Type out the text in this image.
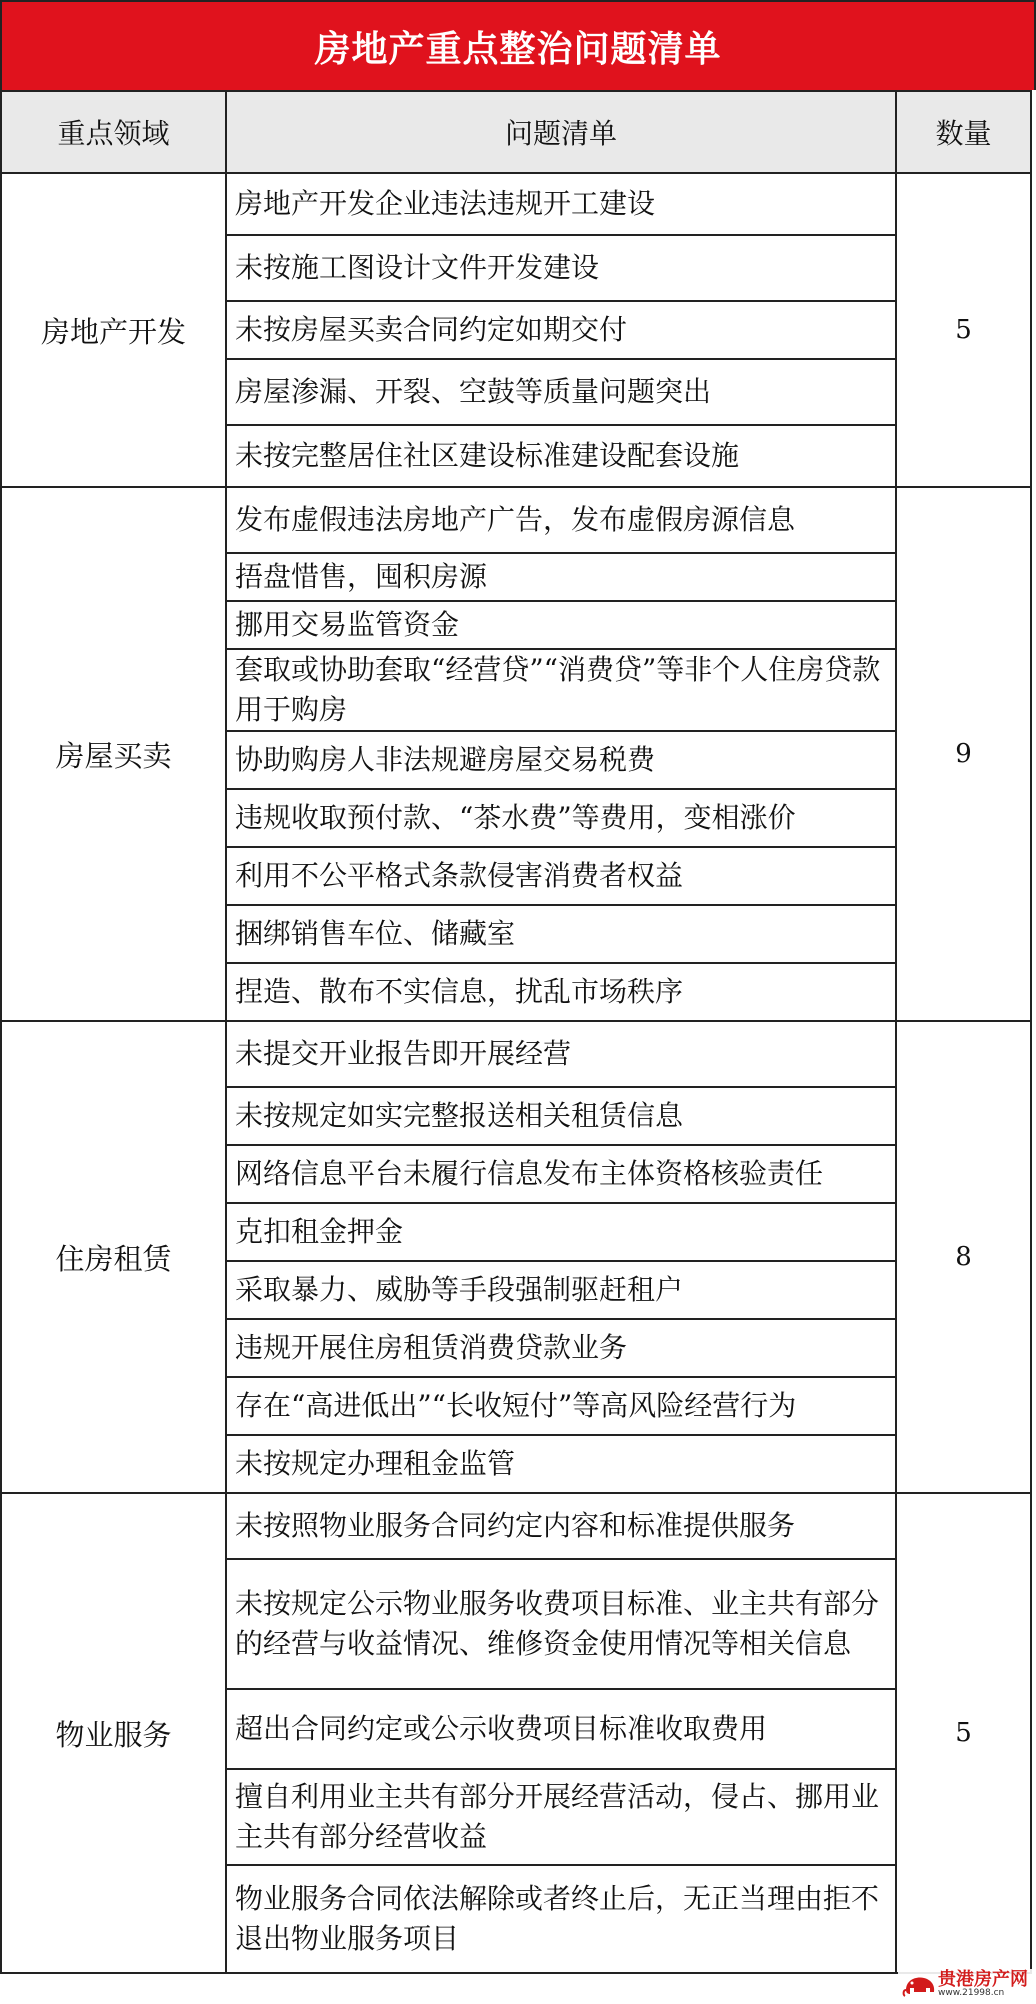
房地产重点整治问题清单
重点领域	问题清单	数量
房地产开发	房地产开发企业违法违规开工建设	5
	未按施工图设计文件开发建设	
	未按房屋买卖合同约定如期交付	
	房屋渗漏、开裂、空鼓等质量问题突出	
	未按完整居住社区建设标准建设配套设施	
房屋买卖	发布虚假违法房地产广告，发布虚假房源信息	9
	捂盘惜售，囤积房源	
	挪用交易监管资金	
	套取或协助套取“经营贷”“消费贷”等非个人住房贷款用于购房	
	协助购房人非法规避房屋交易税费	
	违规收取预付款、“茶水费”等费用，变相涨价	
	利用不公平格式条款侵害消费者权益	
	捆绑销售车位、储藏室	
	捏造、散布不实信息，扰乱市场秩序	
住房租赁	未提交开业报告即开展经营	8
	未按规定如实完整报送相关租赁信息	
	网络信息平台未履行信息发布主体资格核验责任	
	克扣租金押金	
	采取暴力、威胁等手段强制驱赶租户	
	违规开展住房租赁消费贷款业务	
	存在“高进低出”“长收短付”等高风险经营行为	
	未按规定办理租金监管	
物业服务	未按照物业服务合同约定内容和标准提供服务	5
	未按规定公示物业服务收费项目标准、业主共有部分的经营与收益情况、维修资金使用情况等相关信息	
	超出合同约定或公示收费项目标准收取费用	
	擅自利用业主共有部分开展经营活动，侵占、挪用业主共有部分经营收益	
	物业服务合同依法解除或者终止后，无正当理由拒不退出物业服务项目	
贵港房产网
www.21998.cn
